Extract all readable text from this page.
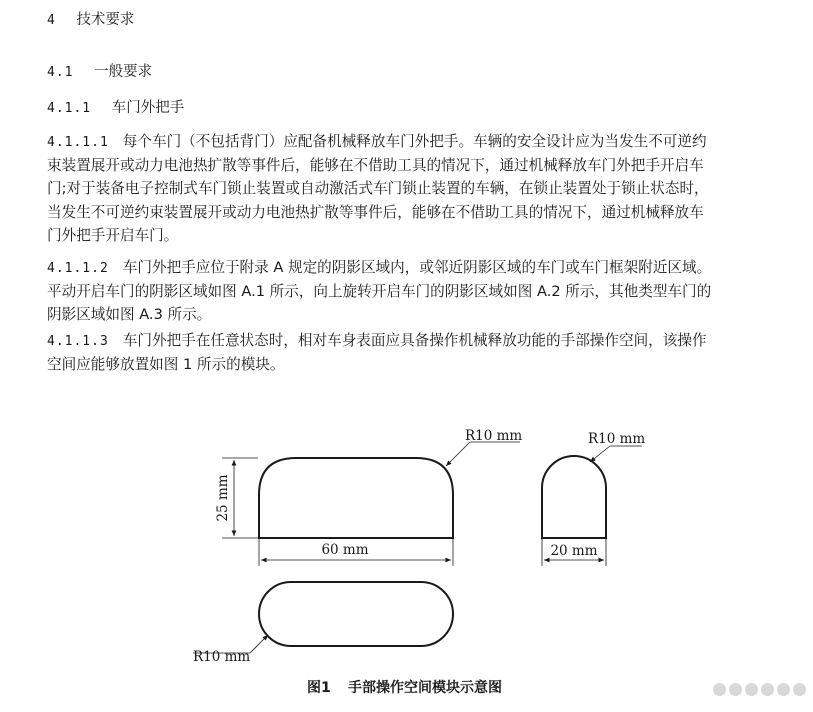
4 技术要求
4.1 一般要求
4.1.1 车门外把手
4.1.1.1 每个车门（不包括背门）应配备机械释放车门外把手。车辆的安全设计应为当发生不可逆约
束装置展开或动力电池热扩散等事件后，能够在不借助工具的情况下，通过机械释放车门外把手开启车
门;对于装备电子控制式车门锁止装置或自动激活式车门锁止装置的车辆，在锁止装置处于锁止状态时，
当发生不可逆约束装置展开或动力电池热扩散等事件后，能够在不借助工具的情况下，通过机械释放车
门外把手开启车门。
4.1.1.2 车门外把手应位于附录 A 规定的阴影区域内，或邻近阴影区域的车门或车门框架附近区域。
平动开启车门的阴影区域如图 A.1 所示，向上旋转开启车门的阴影区域如图 A.2 所示，其他类型车门的
阴影区域如图 A.3 所示。
4.1.1.3 车门外把手在任意状态时，相对车身表面应具备操作机械释放功能的手部操作空间，该操作
空间应能够放置如图 1 所示的模块。
25 mm
60 mm
R10 mm	R10 mm
20 mm
R10 mm
图1 手部操作空间模块示意图
